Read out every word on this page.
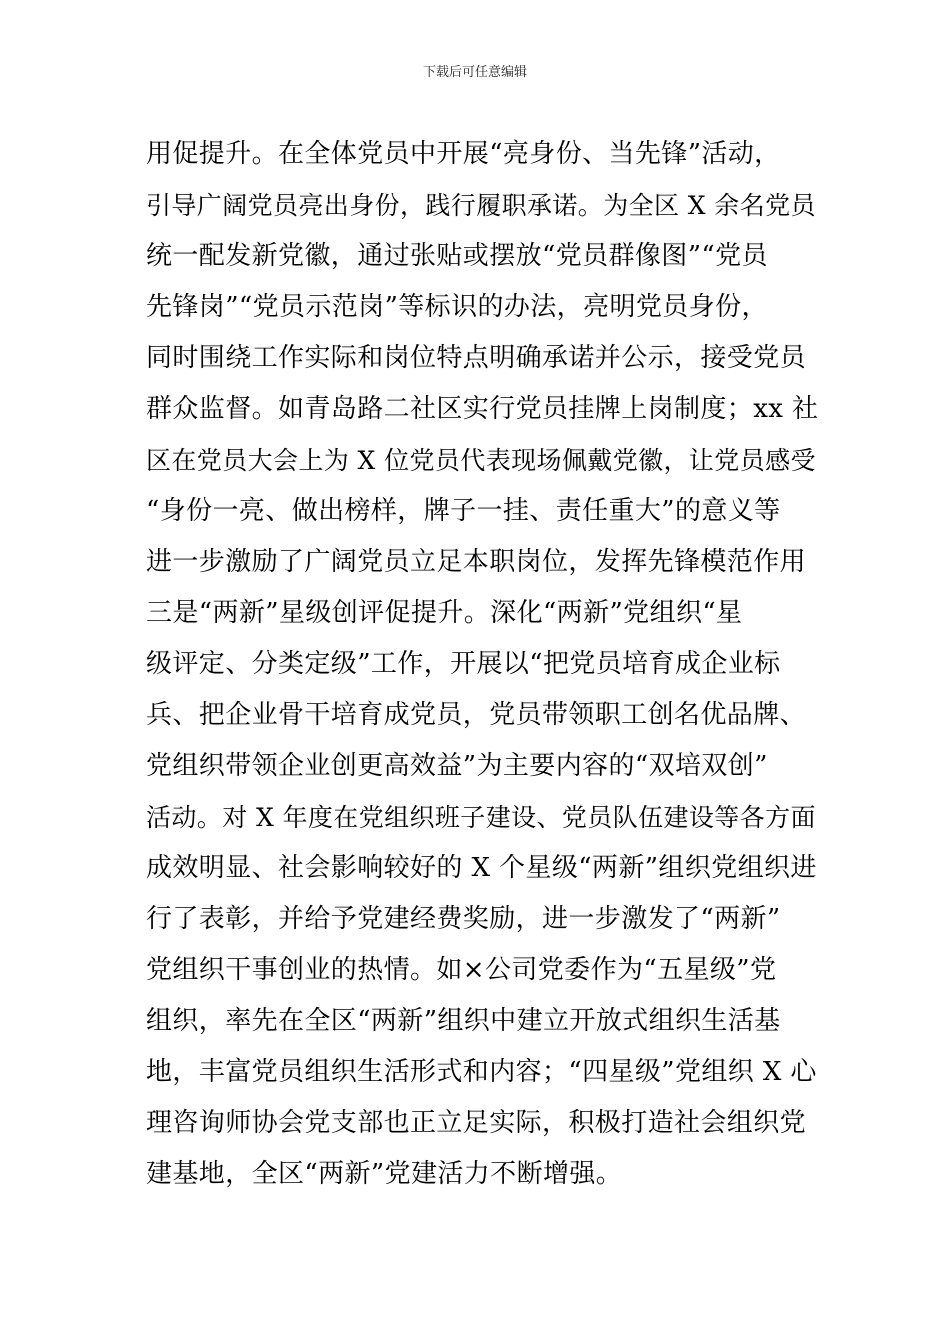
下载后可任意编辑
用促提升。在全体党员中开展“亮身份、当先锋”活动，
引导广阔党员亮出身份，践行履职承诺。为全区 X 余名党员
统一配发新党徽，通过张贴或摆放“党员群像图”“党员
先锋岗”“党员示范岗”等标识的办法，亮明党员身份，
同时围绕工作实际和岗位特点明确承诺并公示，接受党员
群众监督。如青岛路二社区实行党员挂牌上岗制度；xx 社
区在党员大会上为 X 位党员代表现场佩戴党徽，让党员感受
“身份一亮、做出榜样，牌子一挂、责任重大”的意义等
进一步激励了广阔党员立足本职岗位，发挥先锋模范作用
三是“两新”星级创评促提升。深化“两新”党组织“星
级评定、分类定级”工作，开展以“把党员培育成企业标
兵、把企业骨干培育成党员，党员带领职工创名优品牌、
党组织带领企业创更高效益”为主要内容的“双培双创”
活动。对 X 年度在党组织班子建设、党员队伍建设等各方面
成效明显、社会影响较好的 X 个星级“两新”组织党组织进
行了表彰，并给予党建经费奖励，进一步激发了“两新”
党组织干事创业的热情。如×公司党委作为“五星级”党
组织，率先在全区“两新”组织中建立开放式组织生活基
地，丰富党员组织生活形式和内容；“四星级”党组织 X 心
理咨询师协会党支部也正立足实际，积极打造社会组织党
建基地，全区“两新”党建活力不断增强。
